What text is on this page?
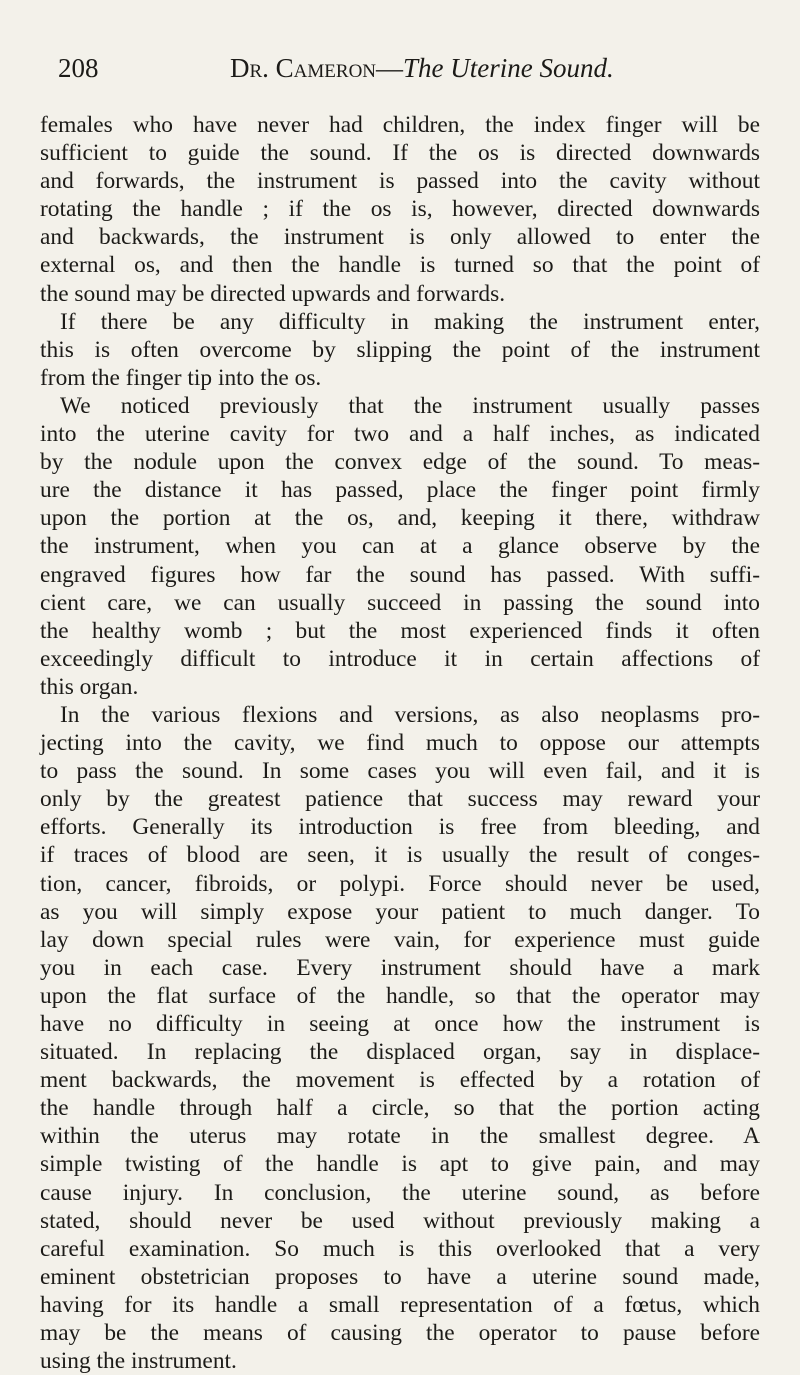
208	Dr. Cameron—The Uterine Sound.
females who have never had children, the index finger will be
sufficient to guide the sound. If the os is directed downwards
and forwards, the instrument is passed into the cavity without
rotating the handle ; if the os is, however, directed downwards
and backwards, the instrument is only allowed to enter the
external os, and then the handle is turned so that the point of
the sound may be directed upwards and forwards.
If there be any difficulty in making the instrument enter,
this is often overcome by slipping the point of the instrument
from the finger tip into the os.
We noticed previously that the instrument usually passes
into the uterine cavity for two and a half inches, as indicated
by the nodule upon the convex edge of the sound. To meas-
ure the distance it has passed, place the finger point firmly
upon the portion at the os, and, keeping it there, withdraw
the instrument, when you can at a glance observe by the
engraved figures how far the sound has passed. With suffi-
cient care, we can usually succeed in passing the sound into
the healthy womb ; but the most experienced finds it often
exceedingly difficult to introduce it in certain affections of
this organ.
In the various flexions and versions, as also neoplasms pro-
jecting into the cavity, we find much to oppose our attempts
to pass the sound. In some cases you will even fail, and it is
only by the greatest patience that success may reward your
efforts. Generally its introduction is free from bleeding, and
if traces of blood are seen, it is usually the result of conges-
tion, cancer, fibroids, or polypi. Force should never be used,
as you will simply expose your patient to much danger. To
lay down special rules were vain, for experience must guide
you in each case. Every instrument should have a mark
upon the flat surface of the handle, so that the operator may
have no difficulty in seeing at once how the instrument is
situated. In replacing the displaced organ, say in displace-
ment backwards, the movement is effected by a rotation of
the handle through half a circle, so that the portion acting
within the uterus may rotate in the smallest degree. A
simple twisting of the handle is apt to give pain, and may
cause injury. In conclusion, the uterine sound, as before
stated, should never be used without previously making a
careful examination. So much is this overlooked that a very
eminent obstetrician proposes to have a uterine sound made,
having for its handle a small representation of a fœtus, which
may be the means of causing the operator to pause before
using the instrument.
